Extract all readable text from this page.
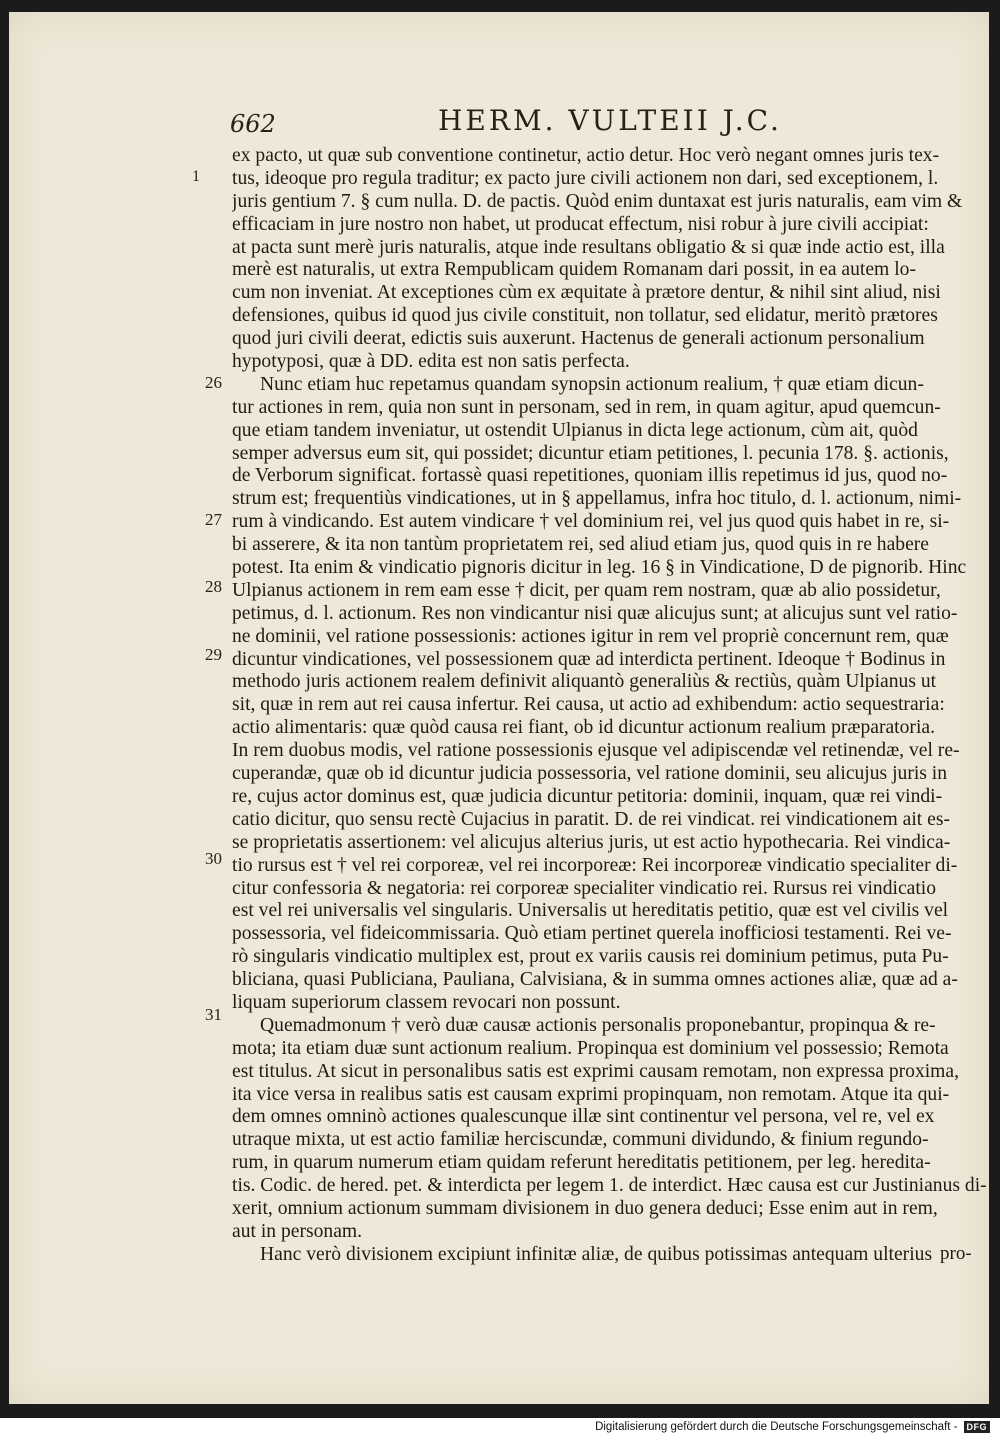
662	HERM. VULTEII J.C.
1
26
27
28
29
30
31
ex pacto, ut quæ sub conventione continetur, actio detur. Hoc verò negant omnes juris tex-
tus, ideoque pro regula traditur; ex pacto jure civili actionem non dari, sed exceptionem, l.
juris gentium 7. § cum nulla. D. de pactis. Quòd enim duntaxat est juris naturalis, eam vim &
efficaciam in jure nostro non habet, ut producat effectum, nisi robur à jure civili accipiat:
at pacta sunt merè juris naturalis, atque inde resultans obligatio & si quæ inde actio est, illa
merè est naturalis, ut extra Rempublicam quidem Romanam dari possit, in ea autem lo-
cum non inveniat. At exceptiones cùm ex æquitate à prætore dentur, & nihil sint aliud, nisi
defensiones, quibus id quod jus civile constituit, non tollatur, sed elidatur, meritò prætores
quod juri civili deerat, edictis suis auxerunt. Hactenus de generali actionum personalium
hypotyposi, quæ à DD. edita est non satis perfecta.
Nunc etiam huc repetamus quandam synopsin actionum realium, † quæ etiam dicun-
tur actiones in rem, quia non sunt in personam, sed in rem, in quam agitur, apud quemcun-
que etiam tandem inveniatur, ut ostendit Ulpianus in dicta lege actionum, cùm ait, quòd
semper adversus eum sit, qui possidet; dicuntur etiam petitiones, l. pecunia 178. §. actionis,
de Verborum significat. fortassè quasi repetitiones, quoniam illis repetimus id jus, quod no-
strum est; frequentiùs vindicationes, ut in § appellamus, infra hoc titulo, d. l. actionum, nimi-
rum à vindicando. Est autem vindicare † vel dominium rei, vel jus quod quis habet in re, si-
bi asserere, & ita non tantùm proprietatem rei, sed aliud etiam jus, quod quis in re habere
potest. Ita enim & vindicatio pignoris dicitur in leg. 16 § in Vindicatione, D de pignorib. Hinc
Ulpianus actionem in rem eam esse † dicit, per quam rem nostram, quæ ab alio possidetur,
petimus, d. l. actionum. Res non vindicantur nisi quæ alicujus sunt; at alicujus sunt vel ratio-
ne dominii, vel ratione possessionis: actiones igitur in rem vel propriè concernunt rem, quæ
dicuntur vindicationes, vel possessionem quæ ad interdicta pertinent. Ideoque † Bodinus in
methodo juris actionem realem definivit aliquantò generaliùs & rectiùs, quàm Ulpianus ut
sit, quæ in rem aut rei causa infertur. Rei causa, ut actio ad exhibendum: actio sequestraria:
actio alimentaris: quæ quòd causa rei fiant, ob id dicuntur actionum realium præparatoria.
In rem duobus modis, vel ratione possessionis ejusque vel adipiscendæ vel retinendæ, vel re-
cuperandæ, quæ ob id dicuntur judicia possessoria, vel ratione dominii, seu alicujus juris in
re, cujus actor dominus est, quæ judicia dicuntur petitoria: dominii, inquam, quæ rei vindi-
catio dicitur, quo sensu rectè Cujacius in paratit. D. de rei vindicat. rei vindicationem ait es-
se proprietatis assertionem: vel alicujus alterius juris, ut est actio hypothecaria. Rei vindica-
tio rursus est † vel rei corporeæ, vel rei incorporeæ: Rei incorporeæ vindicatio specialiter di-
citur confessoria & negatoria: rei corporeæ specialiter vindicatio rei. Rursus rei vindicatio
est vel rei universalis vel singularis. Universalis ut hereditatis petitio, quæ est vel civilis vel
possessoria, vel fideicommissaria. Quò etiam pertinet querela inofficiosi testamenti. Rei ve-
rò singularis vindicatio multiplex est, prout ex variis causis rei dominium petimus, puta Pu-
bliciana, quasi Publiciana, Pauliana, Calvisiana, & in summa omnes actiones aliæ, quæ ad a-
liquam superiorum classem revocari non possunt.
Quemadmonum † verò duæ causæ actionis personalis proponebantur, propinqua & re-
mota; ita etiam duæ sunt actionum realium. Propinqua est dominium vel possessio; Remota
est titulus. At sicut in personalibus satis est exprimi causam remotam, non expressa proxima,
ita vice versa in realibus satis est causam exprimi propinquam, non remotam. Atque ita qui-
dem omnes omninò actiones qualescunque illæ sint continentur vel persona, vel re, vel ex
utraque mixta, ut est actio familiæ herciscundæ, communi dividundo, & finium regundo-
rum, in quarum numerum etiam quidam referunt hereditatis petitionem, per leg. heredita-
tis. Codic. de hered. pet. & interdicta per legem 1. de interdict. Hæc causa est cur Justinianus di-
xerit, omnium actionum summam divisionem in duo genera deduci; Esse enim aut in rem,
aut in personam.
Hanc verò divisionem excipiunt infinitæ aliæ, de quibus potissimas antequam ulterius pro-
Digitalisierung gefördert durch die Deutsche Forschungsgemeinschaft -	DFG
